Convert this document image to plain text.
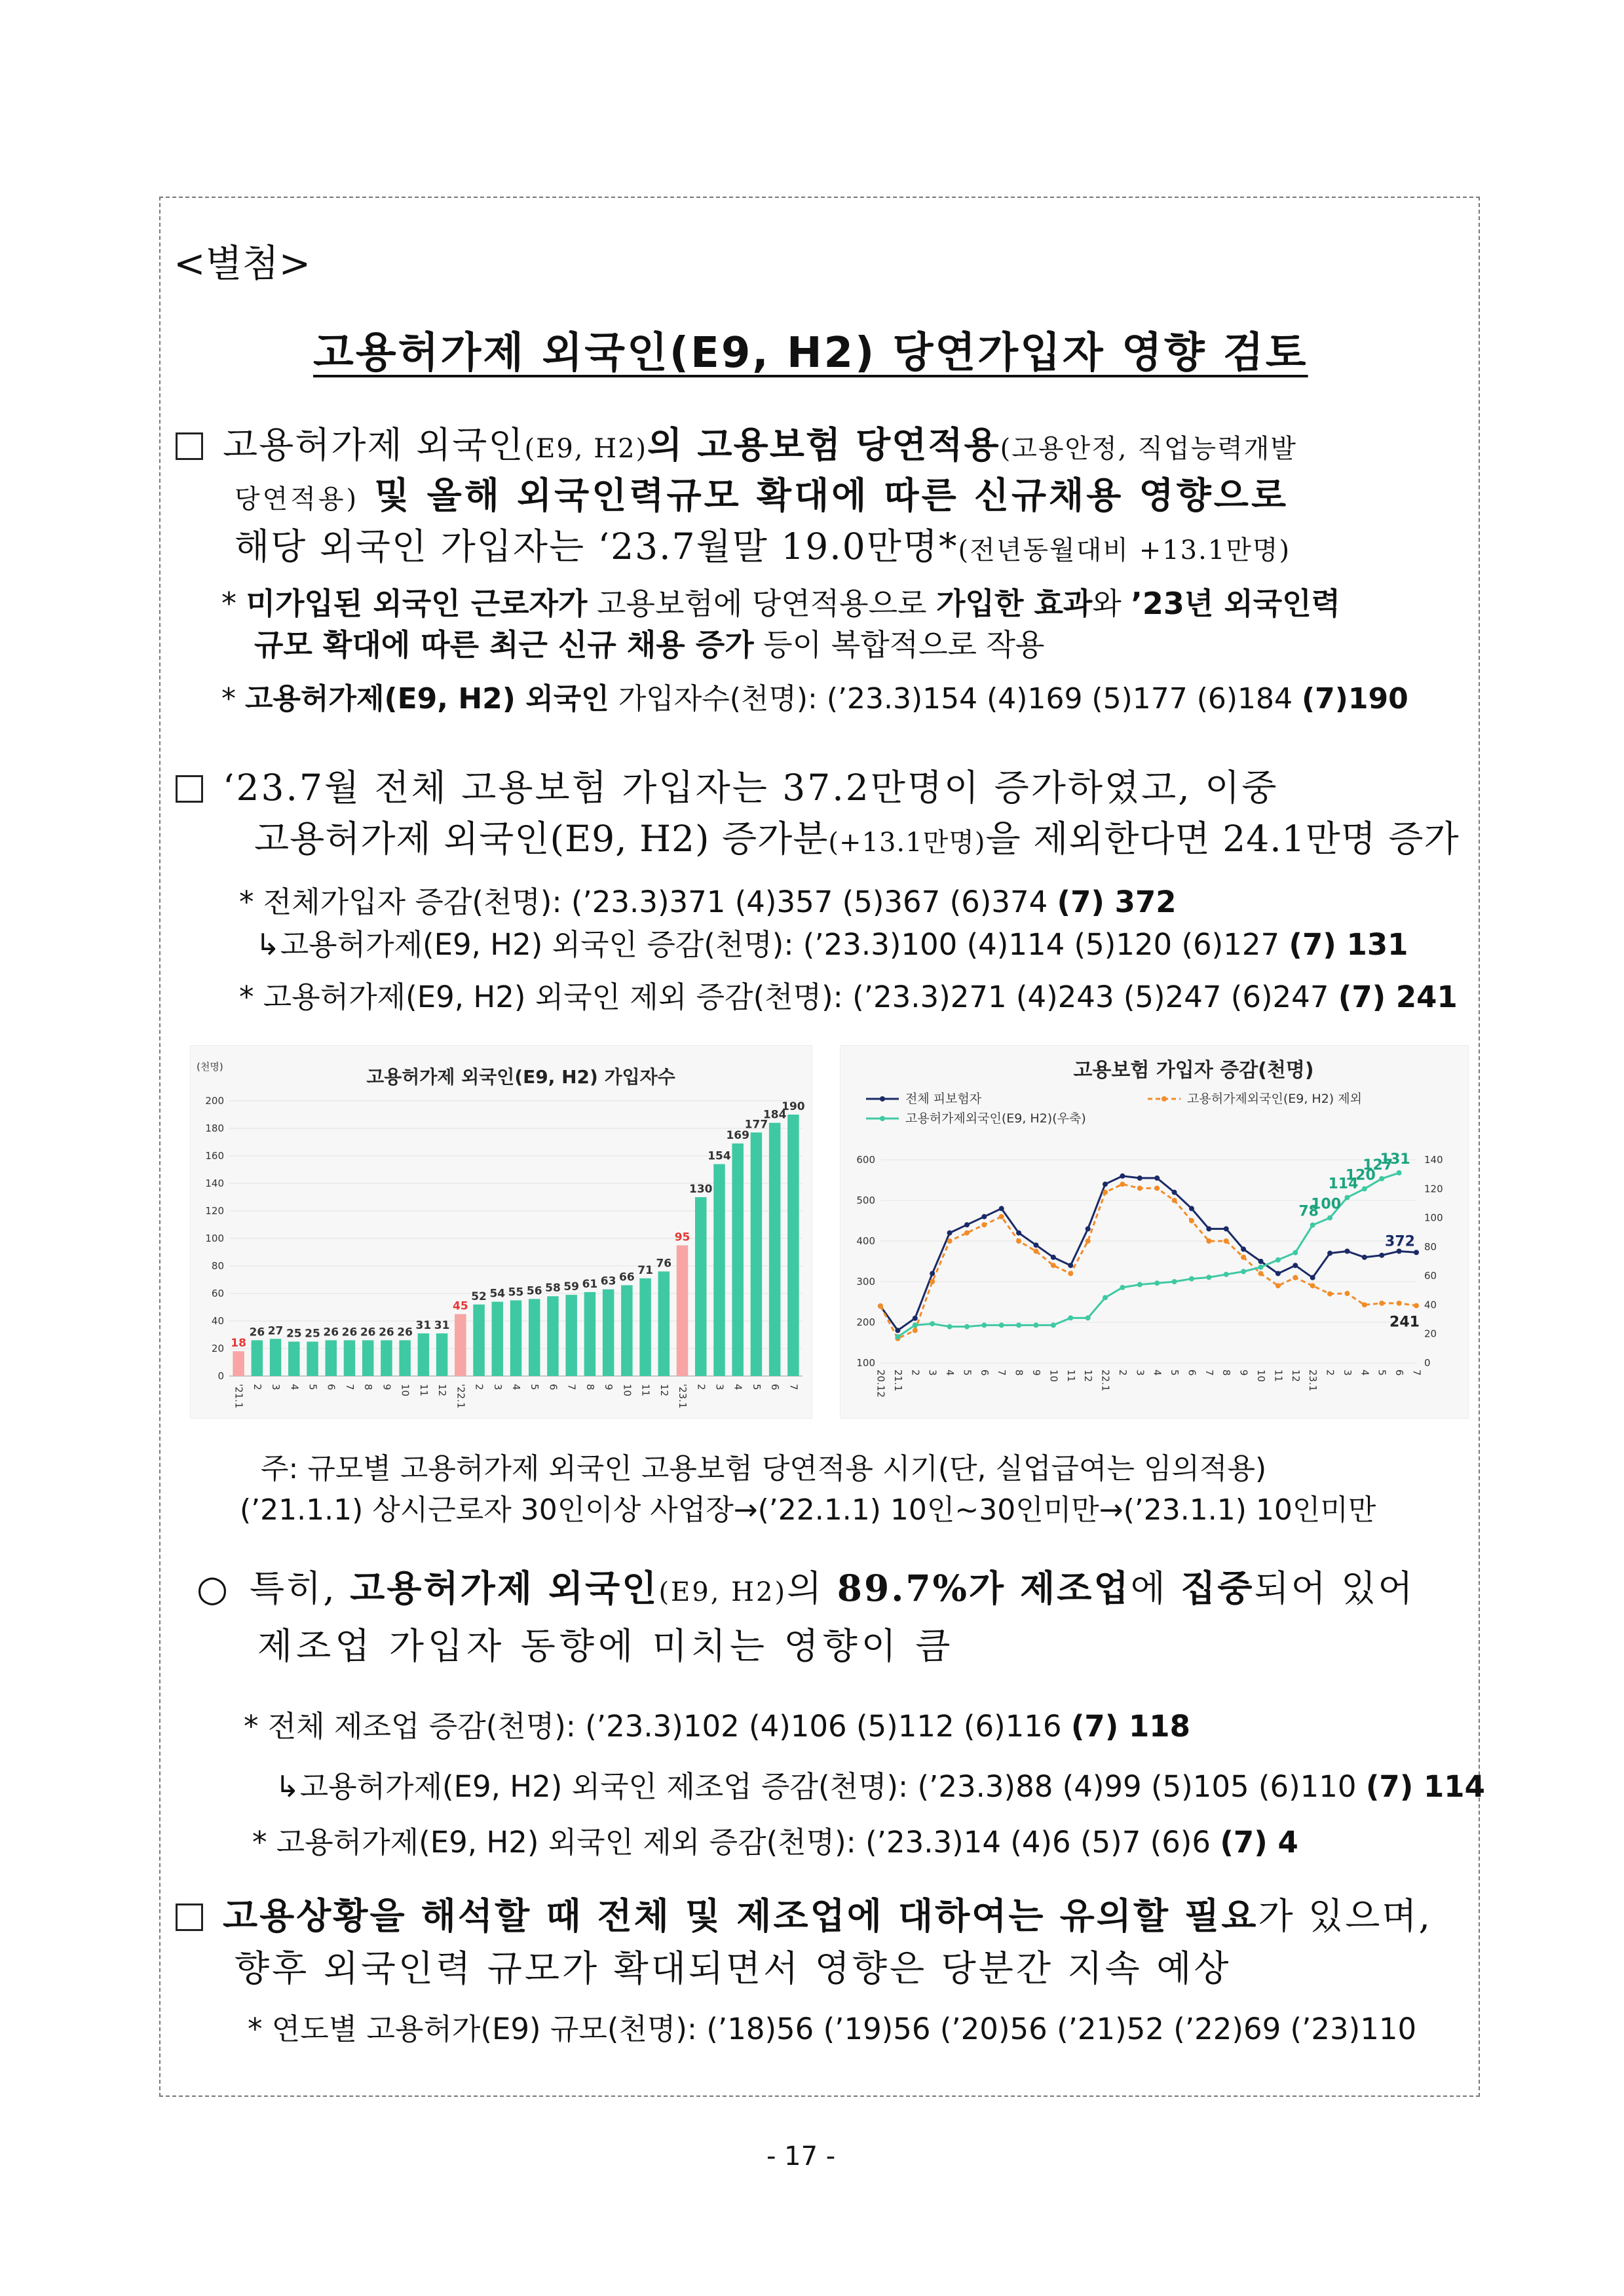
<별첨>
고용허가제 외국인(E9, H2) 당연가입자 영향 검토
고용허가제 외국인(E9, H2)의 고용보험 당연적용(고용안정, 직업능력개발
당연적용) 및 올해 외국인력규모 확대에 따른 신규채용 영향으로
해당 외국인 가입자는 ‘23.7월말 19.0만명*(전년동월대비 +13.1만명)
* 미가입된 외국인 근로자가 고용보험에 당연적용으로 가입한 효과와 ’23년 외국인력
규모 확대에 따른 최근 신규 채용 증가 등이 복합적으로 작용
* 고용허가제(E9, H2) 외국인 가입자수(천명): (’23.3)154 (4)169 (5)177 (6)184 (7)190
‘23.7월 전체 고용보험 가입자는 37.2만명이 증가하였고, 이중
고용허가제 외국인(E9, H2) 증가분(+13.1만명)을 제외한다면 24.1만명 증가
* 전체가입자 증감(천명): (’23.3)371 (4)357 (5)367 (6)374 (7) 372
↳고용허가제(E9, H2) 외국인 증감(천명): (’23.3)100 (4)114 (5)120 (6)127 (7) 131
* 고용허가제(E9, H2) 외국인 제외 증감(천명): (’23.3)271 (4)243 (5)247 (6)247 (7) 241
고용허가제 외국인(E9, H2) 가입자수
(천명)
18
26 27 25 25 26 26 26 26 26
31 31
45
52 54 55 56 58 59 61 63 66
71
76
95
130
154
169
177
184
190
'21.1 2 3 4 5 6 7 8 9 10 11 12 '22.1 2 3 4 5 6 7 8 9 10 11 12 '23.1 2 3 4 5 6 7
200
180
160
140
120
100
80
60
40
20
0
고용보험 가입자 증감(천명)
전체 피보험자	고용허가제외국인(E9, H2) 제외
고용허가제외국인(E9, H2)(우축)
100
114
120
127
131
78
372
241
20.12 21.1 2 3 4 5 6 7 8 9 10 11 12 22.1 2 3 4 5 6 7 8 9 10 11 12 23.1 2 3 4 5 6 7
600
500
400
300
200
100
140
120
100
80
60
40
20
0
주: 규모별 고용허가제 외국인 고용보험 당연적용 시기(단, 실업급여는 임의적용)
(’21.1.1) 상시근로자 30인이상 사업장→(’22.1.1) 10인~30인미만→(’23.1.1) 10인미만
○ 특히, 고용허가제 외국인(E9, H2)의 89.7%가 제조업에 집중되어 있어
제조업 가입자 동향에 미치는 영향이 큼
* 전체 제조업 증감(천명): (’23.3)102 (4)106 (5)112 (6)116 (7) 118
↳고용허가제(E9, H2) 외국인 제조업 증감(천명): (’23.3)88 (4)99 (5)105 (6)110 (7) 114
* 고용허가제(E9, H2) 외국인 제외 증감(천명): (’23.3)14 (4)6 (5)7 (6)6 (7) 4
고용상황을 해석할 때 전체 및 제조업에 대하여는 유의할 필요가 있으며,
향후 외국인력 규모가 확대되면서 영향은 당분간 지속 예상
* 연도별 고용허가(E9) 규모(천명): (’18)56 (’19)56 (’20)56 (’21)52 (’22)69 (’23)110
- 17 -
